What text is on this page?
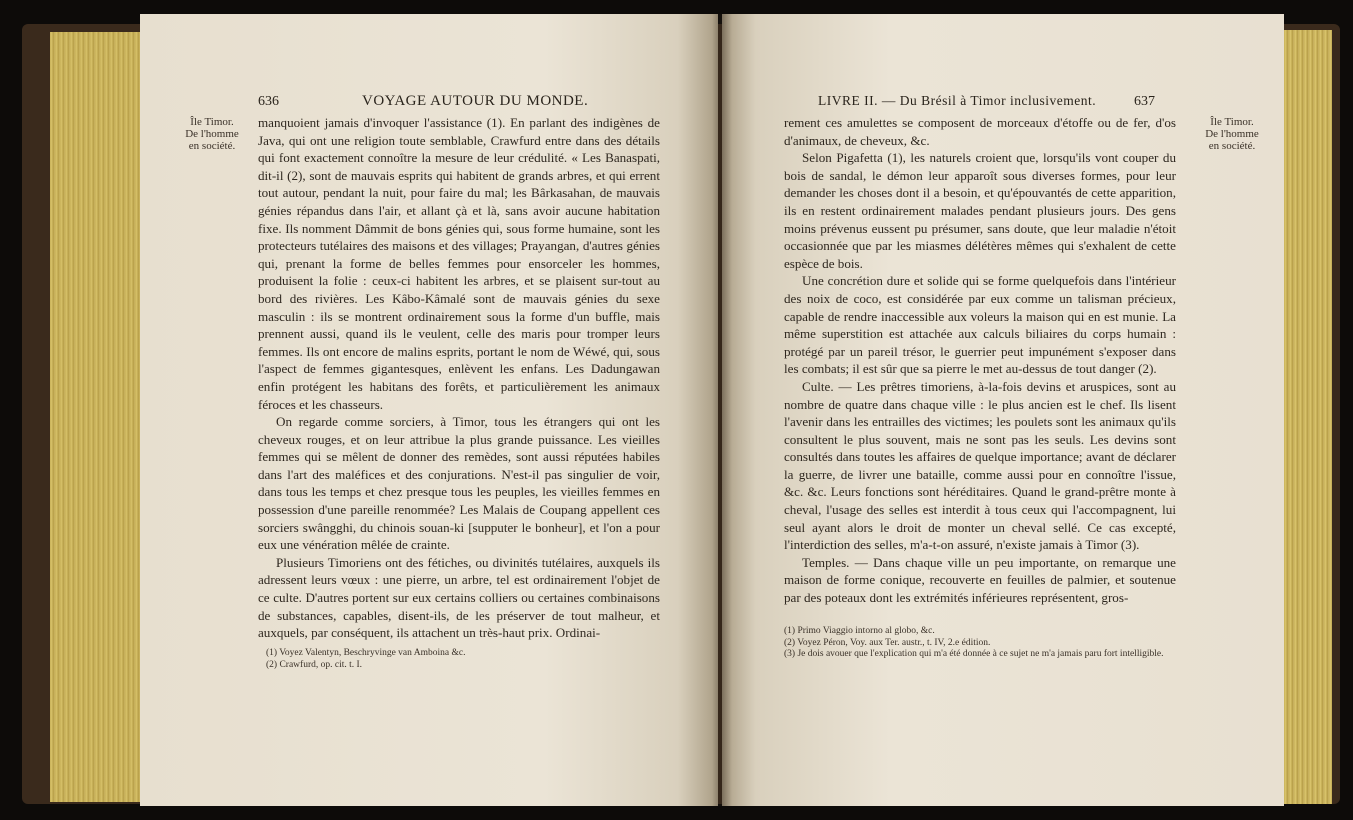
Île Timor.
De l'homme
en société.
636	VOYAGE AUTOUR DU MONDE.

manquoient jamais d'invoquer l'assistance (1). En parlant des indigènes de Java, qui ont une religion toute semblable, Crawfurd entre dans des détails qui font exactement connoître la mesure de leur crédulité. « Les Banaspati, dit-il (2), sont de mauvais esprits qui habitent de grands arbres, et qui errent tout autour, pendant la nuit, pour faire du mal; les Bârkasahan, de mauvais génies répandus dans l'air, et allant çà et là, sans avoir aucune habitation fixe. Ils nomment Dâmmit de bons génies qui, sous forme humaine, sont les protecteurs tutélaires des maisons et des villages; Prayangan, d'autres génies qui, prenant la forme de belles femmes pour ensorceler les hommes, produisent la folie : ceux-ci habitent les arbres, et se plaisent sur-tout au bord des rivières. Les Kâbo-Kâmalé sont de mauvais génies du sexe masculin : ils se montrent ordinairement sous la forme d'un buffle, mais prennent aussi, quand ils le veulent, celle des maris pour tromper leurs femmes. Ils ont encore de malins esprits, portant le nom de Wéwé, qui, sous l'aspect de femmes gigantesques, enlèvent les enfans. Les Dadungawan enfin protégent les habitans des forêts, et particulièrement les animaux féroces et les chasseurs.

On regarde comme sorciers, à Timor, tous les étrangers qui ont les cheveux rouges, et on leur attribue la plus grande puissance. Les vieilles femmes qui se mêlent de donner des remèdes, sont aussi réputées habiles dans l'art des maléfices et des conjurations. N'est-il pas singulier de voir, dans tous les temps et chez presque tous les peuples, les vieilles femmes en possession d'une pareille renommée? Les Malais de Coupang appellent ces sorciers swângghi, du chinois souan-ki [supputer le bonheur], et l'on a pour eux une vénération mêlée de crainte.

Plusieurs Timoriens ont des fétiches, ou divinités tutélaires, auxquels ils adressent leurs vœux : une pierre, un arbre, tel est ordinairement l'objet de ce culte. D'autres portent sur eux certains colliers ou certaines combinaisons de substances, capables, disent-ils, de les préserver de tout malheur, et auxquels, par conséquent, ils attachent un très-haut prix. Ordinai-

(1) Voyez Valentyn, Beschryvinge van Amboina &c.
(2) Crawfurd, op. cit. t. I.
637
LIVRE II. — Du Brésil à Timor inclusivement.

rement ces amulettes se composent de morceaux d'étoffe ou de fer, d'os d'animaux, de cheveux, &c.

Selon Pigafetta (1), les naturels croient que, lorsqu'ils vont couper du bois de sandal, le démon leur apparoît sous diverses formes, pour leur demander les choses dont il a besoin, et qu'épouvantés de cette apparition, ils en restent ordinairement malades pendant plusieurs jours. Des gens moins prévenus eussent pu présumer, sans doute, que leur maladie n'étoit occasionnée que par les miasmes délétères mêmes qui s'exhalent de cette espèce de bois.

Une concrétion dure et solide qui se forme quelquefois dans l'intérieur des noix de coco, est considérée par eux comme un talisman précieux, capable de rendre inaccessible aux voleurs la maison qui en est munie. La même superstition est attachée aux calculs biliaires du corps humain : protégé par un pareil trésor, le guerrier peut impunément s'exposer dans les combats; il est sûr que sa pierre le met au-dessus de tout danger (2).

Culte. — Les prêtres timoriens, à-la-fois devins et aruspices, sont au nombre de quatre dans chaque ville : le plus ancien est le chef. Ils lisent l'avenir dans les entrailles des victimes; les poulets sont les animaux qu'ils consultent le plus souvent, mais ne sont pas les seuls. Les devins sont consultés dans toutes les affaires de quelque importance; avant de déclarer la guerre, de livrer une bataille, comme aussi pour en connoître l'issue, &c. &c. Leurs fonctions sont héréditaires. Quand le grand-prêtre monte à cheval, l'usage des selles est interdit à tous ceux qui l'accompagnent, lui seul ayant alors le droit de monter un cheval sellé. Ce cas excepté, l'interdiction des selles, m'a-t-on assuré, n'existe jamais à Timor (3).

Temples. — Dans chaque ville un peu importante, on remarque une maison de forme conique, recouverte en feuilles de palmier, et soutenue par des poteaux dont les extrémités inférieures représentent, gros-

(1) Primo Viaggio intorno al globo, &c.
(2) Voyez Péron, Voy. aux Ter. austr., t. IV, 2.e édition.
(3) Je dois avouer que l'explication qui m'a été donnée à ce sujet ne m'a jamais paru fort intelligible.
Île Timor.
De l'homme
en société.
